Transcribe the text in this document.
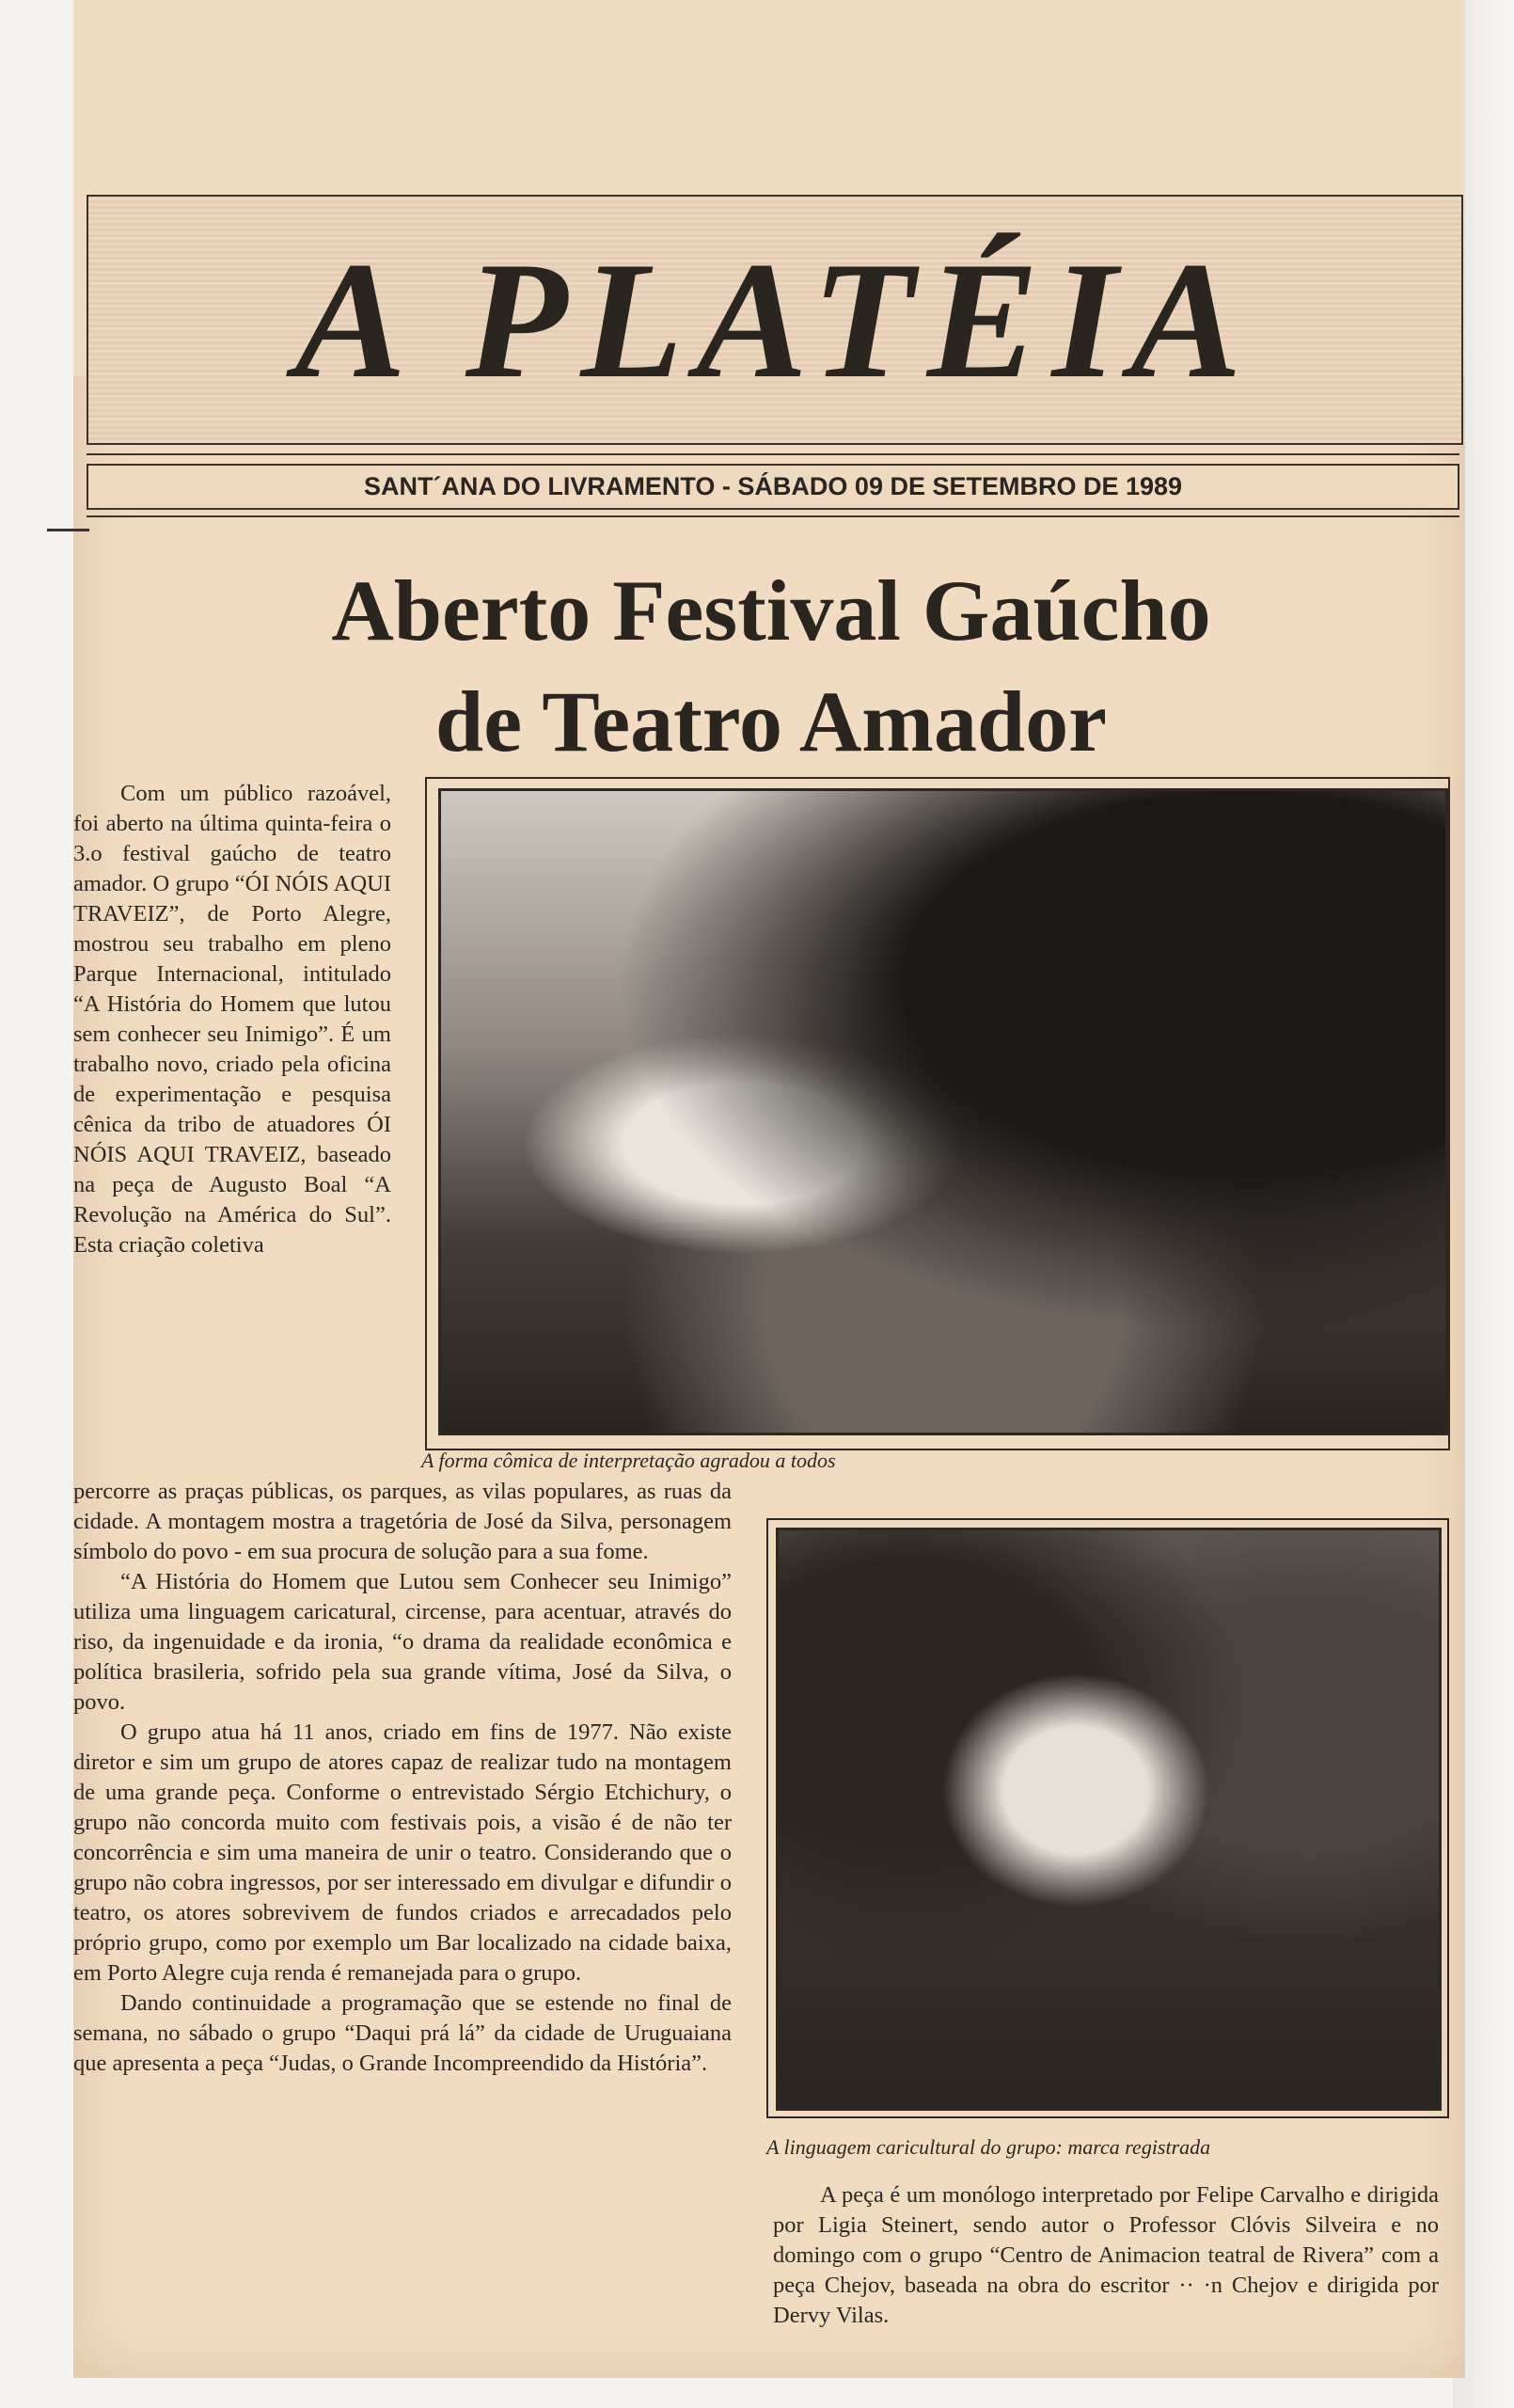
A PLATÉIA
SANT´ANA DO LIVRAMENTO - SÁBADO 09 DE SETEMBRO DE 1989
Aberto Festival Gaúcho
de Teatro Amador

Com um público razoável, foi aberto na última quinta-feira o 3.o festival gaúcho de teatro amador. O grupo “ÓI NÓIS AQUI TRAVEIZ”, de Porto Alegre, mostrou seu trabalho em pleno Parque Internacional, intitulado “A História do Homem que lutou sem conhecer seu Inimigo”. É um trabalho novo, criado pela oficina de experimentação e pesquisa cênica da tribo de atuadores ÓI NÓIS AQUI TRAVEIZ, baseado na peça de Augusto Boal “A Revolução na América do Sul”. Esta criação coletiva

A forma cômica de interpretação agradou a todos

percorre as praças públicas, os parques, as vilas populares, as ruas da cidade. A montagem mostra a tragetória de José da Silva, personagem símbolo do povo - em sua procura de solução para a sua fome.

“A História do Homem que Lutou sem Conhecer seu Inimigo” utiliza uma linguagem caricatural, circense, para acentuar, através do riso, da ingenuidade e da ironia, “o drama da realidade econômica e política brasileria, sofrido pela sua grande vítima, José da Silva, o povo.

O grupo atua há 11 anos, criado em fins de 1977. Não existe diretor e sim um grupo de atores capaz de realizar tudo na montagem de uma grande peça. Conforme o entrevistado Sérgio Etchichury, o grupo não concorda muito com festivais pois, a visão é de não ter concorrência e sim uma maneira de unir o teatro. Considerando que o grupo não cobra ingressos, por ser interessado em divulgar e difundir o teatro, os atores sobrevivem de fundos criados e arrecadados pelo próprio grupo, como por exemplo um Bar localizado na cidade baixa, em Porto Alegre cuja renda é remanejada para o grupo.

Dando continuidade a programação que se estende no final de semana, no sábado o grupo “Daqui prá lá” da cidade de Uruguaiana que apresenta a peça “Judas, o Grande Incompreendido da História”.

A linguagem caricultural do grupo: marca registrada

A peça é um monólogo interpretado por Felipe Carvalho e dirigida por Ligia Steinert, sendo autor o Professor Clóvis Silveira e no domingo com o grupo “Centro de Animacion teatral de Rivera” com a peça Chejov, baseada na obra do escritor ·· ·n Chejov e dirigida por Dervy Vilas.
